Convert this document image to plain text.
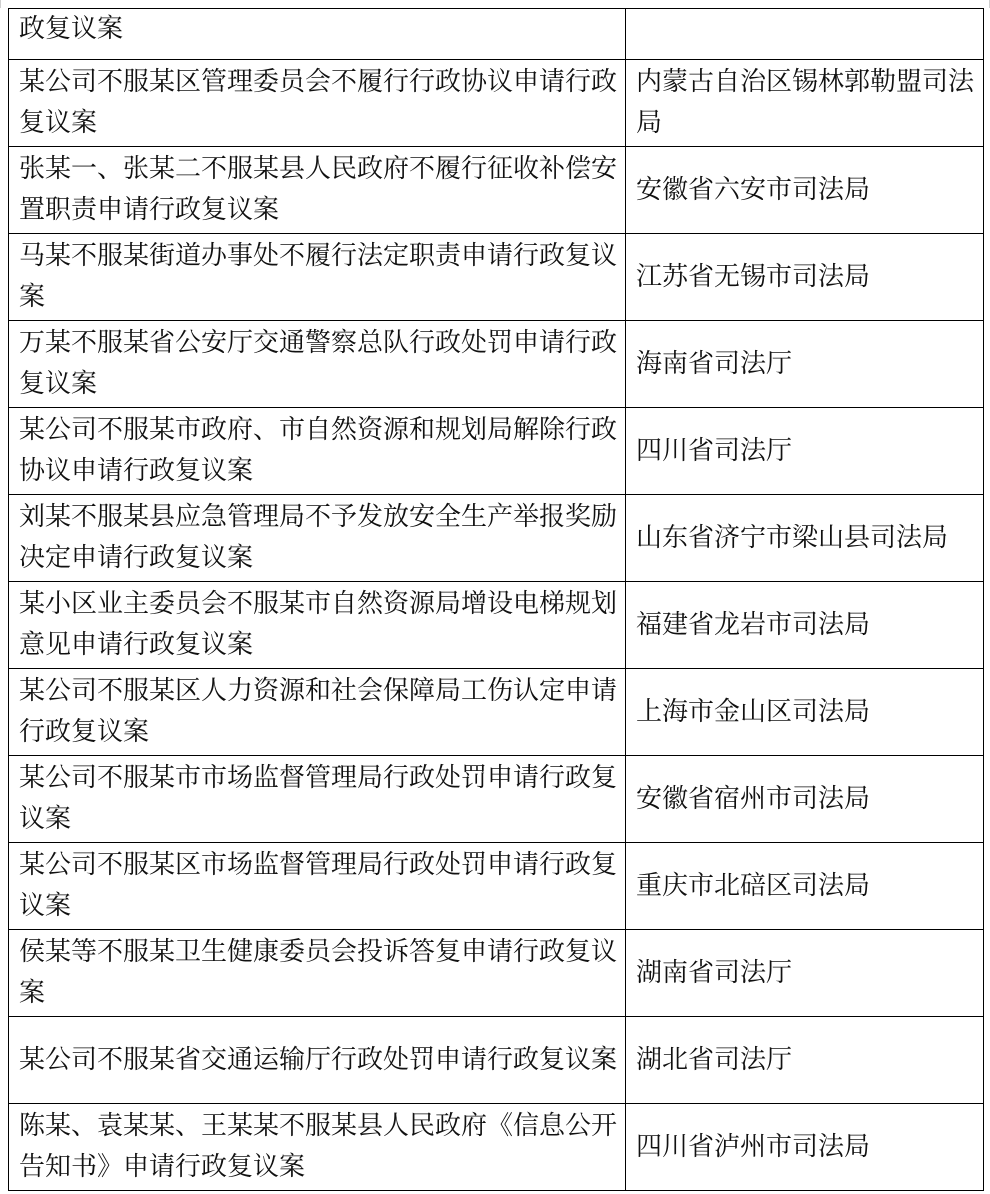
政复议案	
某公司不服某区管理委员会不履行行政协议申请行政复议案	内蒙古自治区锡林郭勒盟司法局
张某一、张某二不服某县人民政府不履行征收补偿安置职责申请行政复议案	安徽省六安市司法局
马某不服某街道办事处不履行法定职责申请行政复议案	江苏省无锡市司法局
万某不服某省公安厅交通警察总队行政处罚申请行政复议案	海南省司法厅
某公司不服某市政府、市自然资源和规划局解除行政协议申请行政复议案	四川省司法厅
刘某不服某县应急管理局不予发放安全生产举报奖励决定申请行政复议案	山东省济宁市梁山县司法局
某小区业主委员会不服某市自然资源局增设电梯规划意见申请行政复议案	福建省龙岩市司法局
某公司不服某区人力资源和社会保障局工伤认定申请行政复议案	上海市金山区司法局
某公司不服某市市场监督管理局行政处罚申请行政复议案	安徽省宿州市司法局
某公司不服某区市场监督管理局行政处罚申请行政复议案	重庆市北碚区司法局
侯某等不服某卫生健康委员会投诉答复申请行政复议案	湖南省司法厅
某公司不服某省交通运输厅行政处罚申请行政复议案	湖北省司法厅
陈某、袁某某、王某某不服某县人民政府《信息公开告知书》申请行政复议案	四川省泸州市司法局
